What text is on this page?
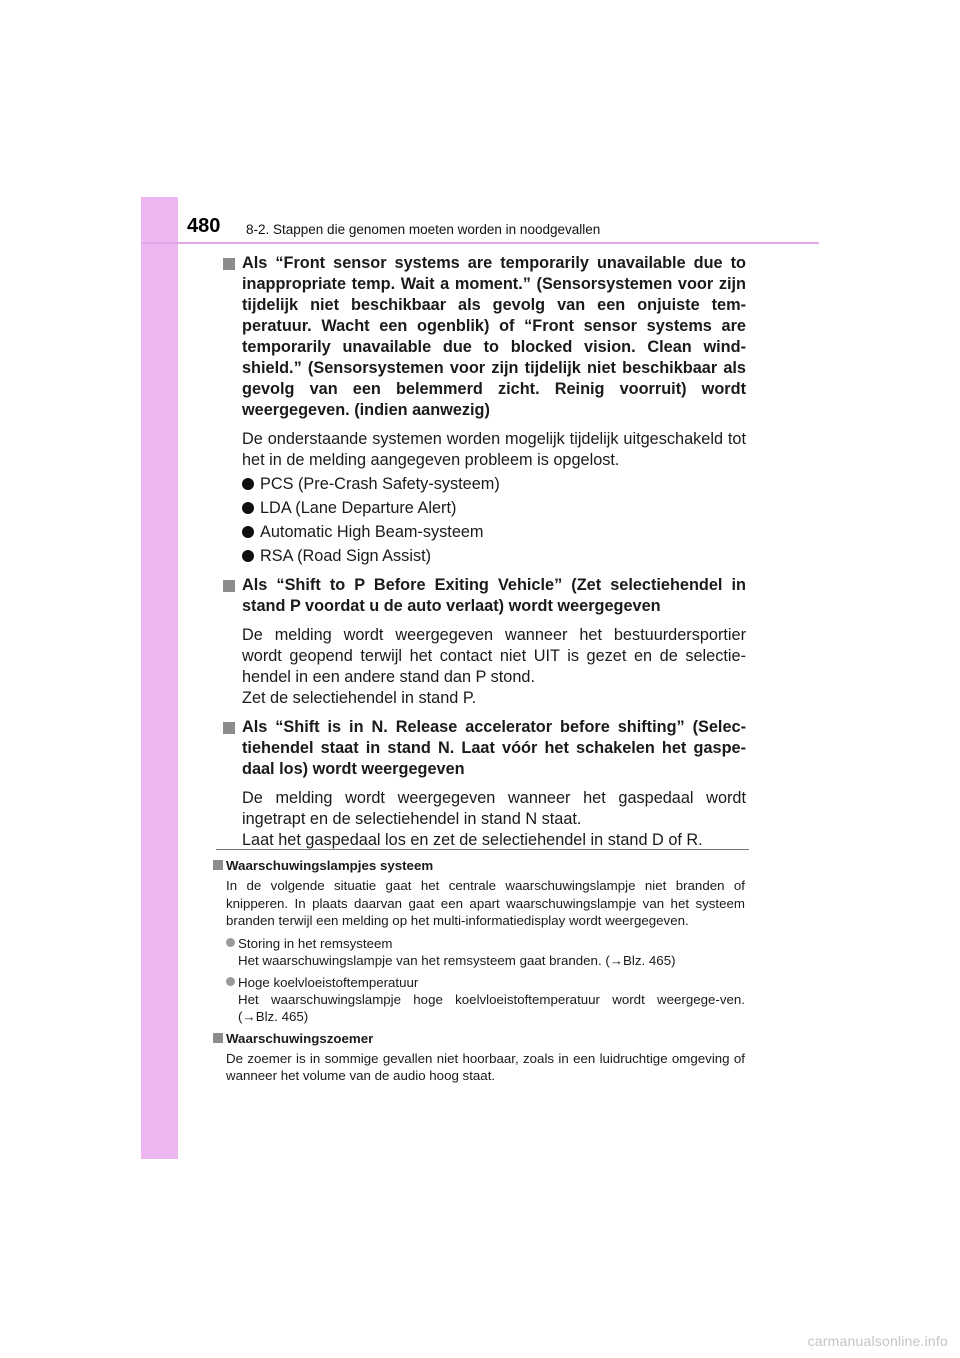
480 8-2. Stappen die genomen moeten worden in noodgevallen
Als “Front sensor systems are temporarily unavailable due to inappropriate temp. Wait a moment.” (Sensorsystemen voor zijn tijdelijk niet beschikbaar als gevolg van een onjuiste tem-peratuur. Wacht een ogenblik) of “Front sensor systems are temporarily unavailable due to blocked vision. Clean wind-shield.” (Sensorsystemen voor zijn tijdelijk niet beschikbaar als gevolg van een belemmerd zicht. Reinig voorruit) wordt weergegeven. (indien aanwezig)
De onderstaande systemen worden mogelijk tijdelijk uitgeschakeld tot het in de melding aangegeven probleem is opgelost.
PCS (Pre-Crash Safety-systeem)
LDA (Lane Departure Alert)
Automatic High Beam-systeem
RSA (Road Sign Assist)
Als “Shift to P Before Exiting Vehicle” (Zet selectiehendel in stand P voordat u de auto verlaat) wordt weergegeven
De melding wordt weergegeven wanneer het bestuurdersportier wordt geopend terwijl het contact niet UIT is gezet en de selectie-hendel in een andere stand dan P stond.
Zet de selectiehendel in stand P.
Als “Shift is in N. Release accelerator before shifting” (Selec-tiehendel staat in stand N. Laat vóór het schakelen het gaspe-daal los) wordt weergegeven
De melding wordt weergegeven wanneer het gaspedaal wordt ingetrapt en de selectiehendel in stand N staat.
Laat het gaspedaal los en zet de selectiehendel in stand D of R.
Waarschuwingslampjes systeem
In de volgende situatie gaat het centrale waarschuwingslampje niet branden of knipperen. In plaats daarvan gaat een apart waarschuwingslampje van het systeem branden terwijl een melding op het multi-informatiedisplay wordt weergegeven.
Storing in het remsysteem
Het waarschuwingslampje van het remsysteem gaat branden. (→Blz. 465)
Hoge koelvloeistoftemperatuur
Het waarschuwingslampje hoge koelvloeistoftemperatuur wordt weergege-ven. (→Blz. 465)
Waarschuwingszoemer
De zoemer is in sommige gevallen niet hoorbaar, zoals in een luidruchtige omgeving of wanneer het volume van de audio hoog staat.
carmanualsonline.info
